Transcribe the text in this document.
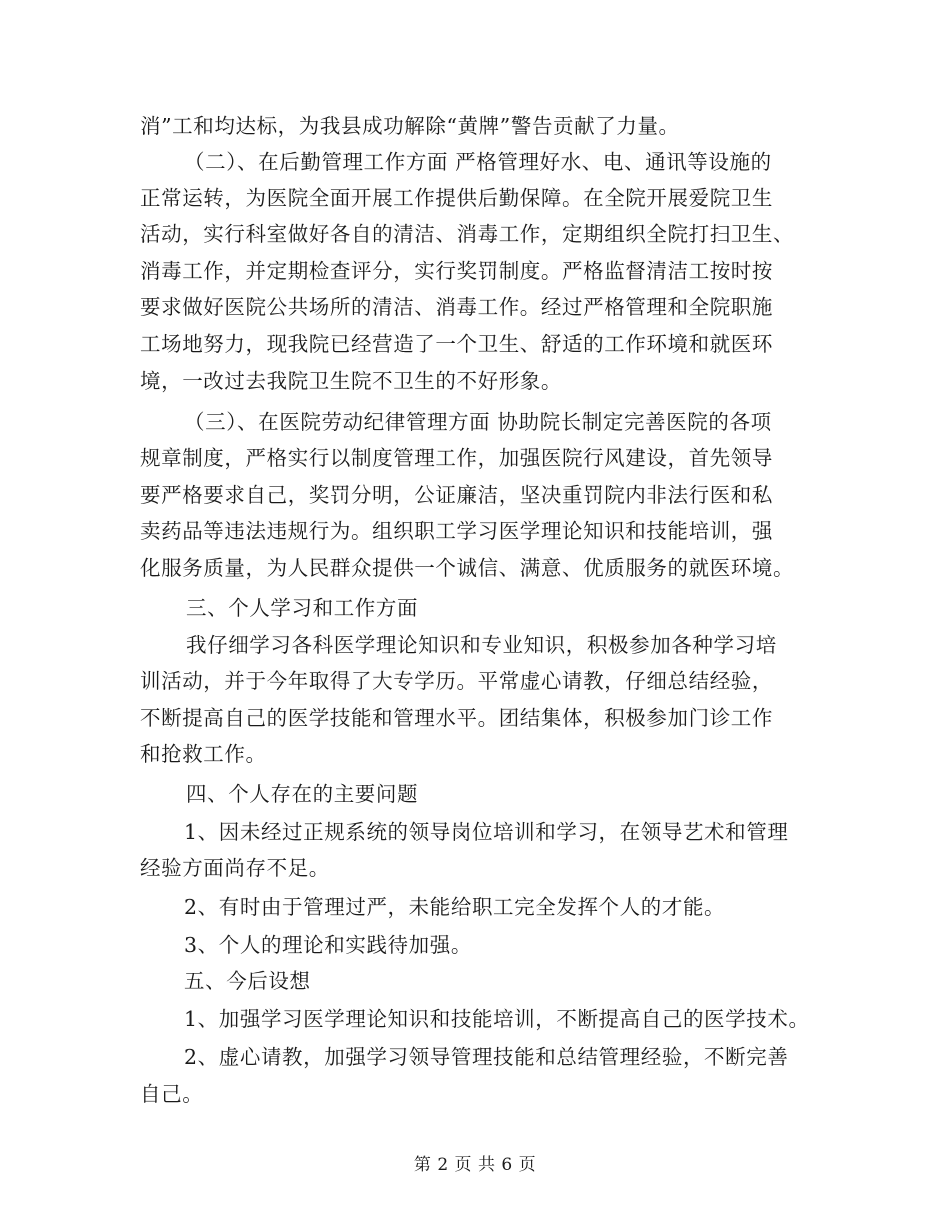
消”工和均达标，为我县成功解除“黄牌”警告贡献了力量。
（二）、在后勤管理工作方面 严格管理好水、电、通讯等设施的
正常运转，为医院全面开展工作提供后勤保障。在全院开展爱院卫生
活动，实行科室做好各自的清洁、消毒工作，定期组织全院打扫卫生、
消毒工作，并定期检查评分，实行奖罚制度。严格监督清洁工按时按
要求做好医院公共场所的清洁、消毒工作。经过严格管理和全院职施
工场地努力，现我院已经营造了一个卫生、舒适的工作环境和就医环
境，一改过去我院卫生院不卫生的不好形象。
（三）、在医院劳动纪律管理方面 协助院长制定完善医院的各项
规章制度，严格实行以制度管理工作，加强医院行风建设，首先领导
要严格要求自己，奖罚分明，公证廉洁，坚决重罚院内非法行医和私
卖药品等违法违规行为。组织职工学习医学理论知识和技能培训，强
化服务质量，为人民群众提供一个诚信、满意、优质服务的就医环境。
三、个人学习和工作方面
我仔细学习各科医学理论知识和专业知识，积极参加各种学习培
训活动，并于今年取得了大专学历。平常虚心请教，仔细总结经验，
不断提高自己的医学技能和管理水平。团结集体，积极参加门诊工作
和抢救工作。
四、个人存在的主要问题
1、因未经过正规系统的领导岗位培训和学习，在领导艺术和管理
经验方面尚存不足。
2、有时由于管理过严，未能给职工完全发挥个人的才能。
3、个人的理论和实践待加强。
五、今后设想
1、加强学习医学理论知识和技能培训，不断提高自己的医学技术。
2、虚心请教，加强学习领导管理技能和总结管理经验，不断完善
自己。
第 2 页 共 6 页
